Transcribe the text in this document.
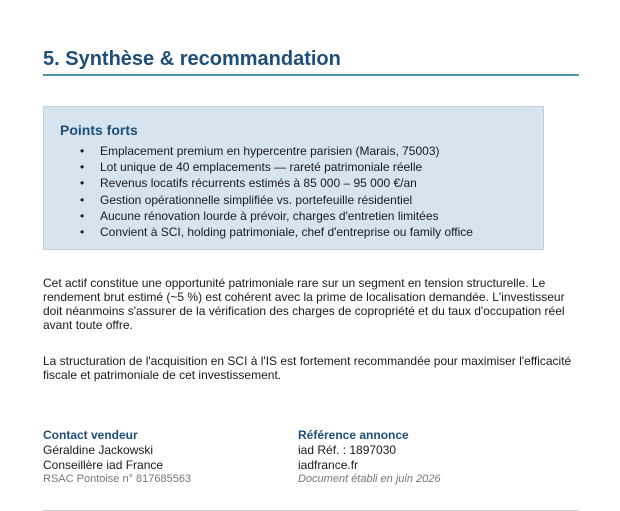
5. Synthèse & recommandation
Points forts
• Emplacement premium en hypercentre parisien (Marais, 75003)
• Lot unique de 40 emplacements — rareté patrimoniale réelle
• Revenus locatifs récurrents estimés à 85 000 – 95 000 €/an
• Gestion opérationnelle simplifiée vs. portefeuille résidentiel
• Aucune rénovation lourde à prévoir, charges d'entretien limitées
• Convient à SCI, holding patrimoniale, chef d'entreprise ou family office

Cet actif constitue une opportunité patrimoniale rare sur un segment en tension structurelle. Le rendement brut estimé (~5 %) est cohérent avec la prime de localisation demandée. L'investisseur doit néanmoins s'assurer de la vérification des charges de copropriété et du taux d'occupation réel avant toute offre.

La structuration de l'acquisition en SCI à l'IS est fortement recommandée pour maximiser l'efficacité fiscale et patrimoniale de cet investissement.

Contact vendeur
Géraldine Jackowski
Conseillère iad France
RSAC Pontoise n° 817685563
Référence annonce
iad Réf. : 1897030
iadfrance.fr
Document établi en juin 2026
